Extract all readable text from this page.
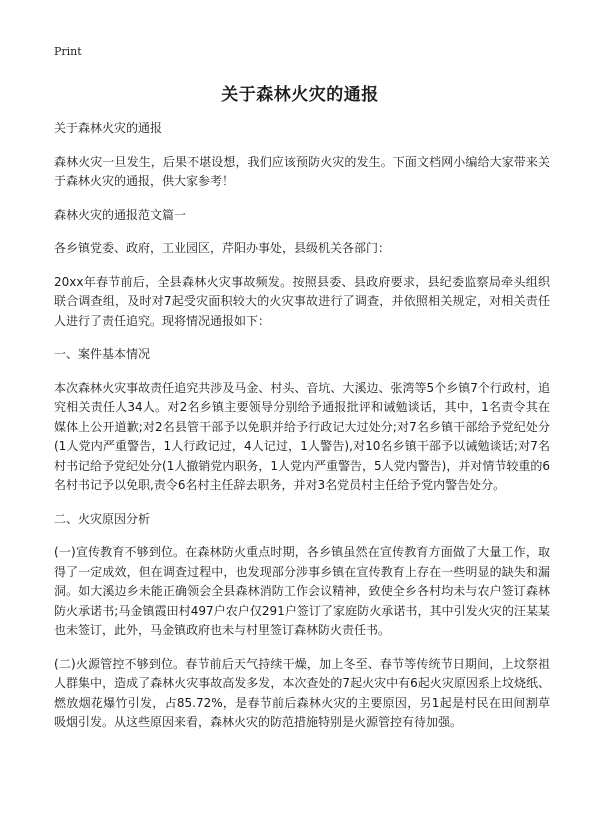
Print
关于森林火灾的通报

关于森林火灾的通报

森林火灾一旦发生，后果不堪设想，我们应该预防火灾的发生。下面文档网小编给大家带来关于森林火灾的通报，供大家参考！

森林火灾的通报范文篇一

各乡镇党委、政府，工业园区，芹阳办事处，县级机关各部门：

20xx年春节前后，全县森林火灾事故频发。按照县委、县政府要求，县纪委监察局牵头组织联合调查组，及时对7起受灾面积较大的火灾事故进行了调查，并依照相关规定，对相关责任人进行了责任追究。现将情况通报如下：

一、案件基本情况

本次森林火灾事故责任追究共涉及马金、村头、音坑、大溪边、张湾等5个乡镇7个行政村，追究相关责任人34人。对2名乡镇主要领导分别给予通报批评和诫勉谈话，其中，1名责令其在媒体上公开道歉;对2名县管干部予以免职并给予行政记大过处分;对7名乡镇干部给予党纪处分(1人党内严重警告，1人行政记过，4人记过，1人警告),对10名乡镇干部予以诫勉谈话;对7名村书记给予党纪处分(1人撤销党内职务，1人党内严重警告，5人党内警告)，并对情节较重的6名村书记予以免职,责令6名村主任辞去职务，并对3名党员村主任给予党内警告处分。

二、火灾原因分析

(一)宣传教育不够到位。在森林防火重点时期，各乡镇虽然在宣传教育方面做了大量工作，取得了一定成效，但在调查过程中，也发现部分涉事乡镇在宣传教育上存在一些明显的缺失和漏洞。如大溪边乡未能正确领会全县森林消防工作会议精神，致使全乡各村均未与农户签订森林防火承诺书;马金镇霞田村497户农户仅291户签订了家庭防火承诺书，其中引发火灾的汪某某也未签订，此外，马金镇政府也未与村里签订森林防火责任书。

(二)火源管控不够到位。春节前后天气持续干燥，加上冬至、春节等传统节日期间，上坟祭祖人群集中，造成了森林火灾事故高发多发，本次查处的7起火灾中有6起火灾原因系上坟烧纸、燃放烟花爆竹引发，占85.72%，是春节前后森林火灾的主要原因，另1起是村民在田间割草吸烟引发。从这些原因来看，森林火灾的防范措施特别是火源管控有待加强。
